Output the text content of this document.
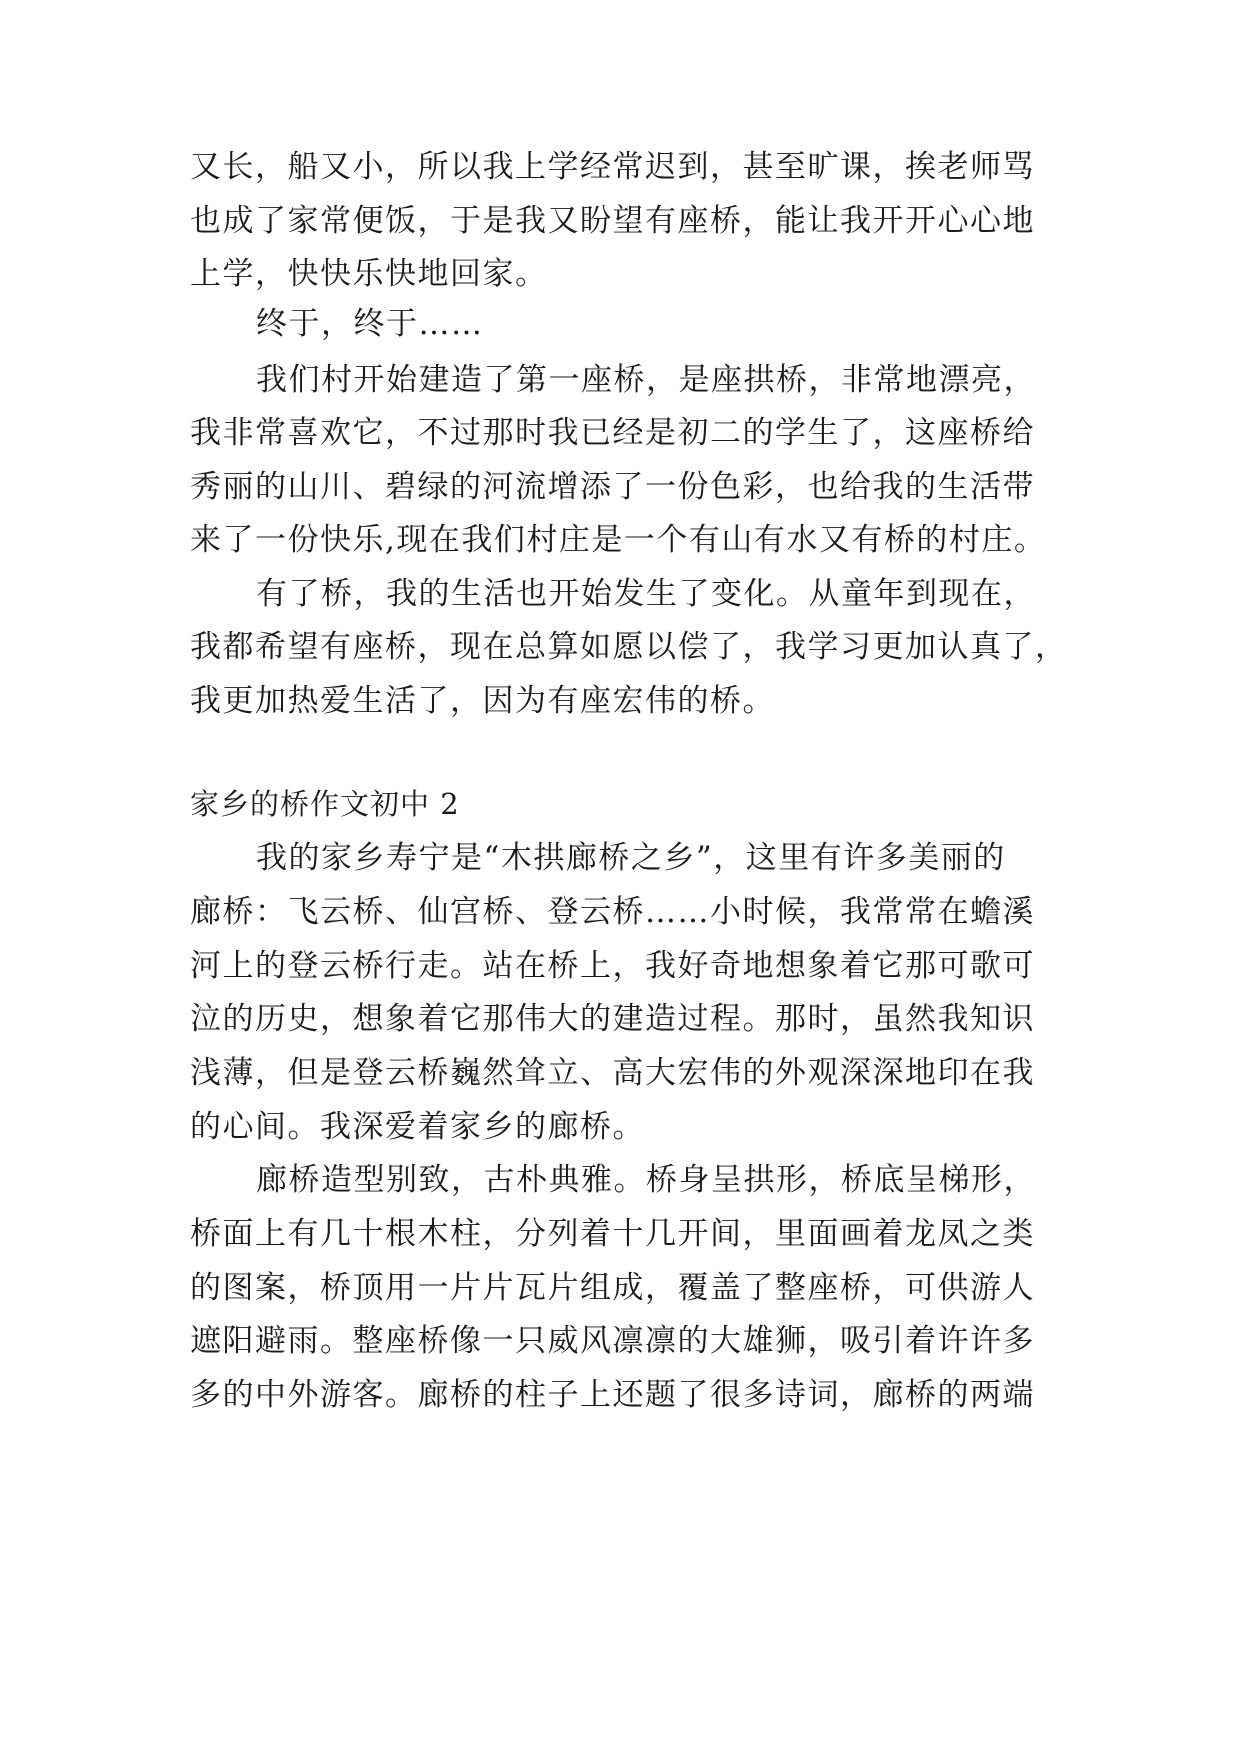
又长，船又小，所以我上学经常迟到，甚至旷课，挨老师骂
也成了家常便饭，于是我又盼望有座桥，能让我开开心心地
上学，快快乐快地回家。
终于，终于……
我们村开始建造了第一座桥，是座拱桥，非常地漂亮，
我非常喜欢它，不过那时我已经是初二的学生了，这座桥给
秀丽的山川、碧绿的河流增添了一份色彩，也给我的生活带
来了一份快乐,现在我们村庄是一个有山有水又有桥的村庄。
有了桥，我的生活也开始发生了变化。从童年到现在，
我都希望有座桥，现在总算如愿以偿了，我学习更加认真了，
我更加热爱生活了，因为有座宏伟的桥。
家乡的桥作文初中 2
我的家乡寿宁是“木拱廊桥之乡”，这里有许多美丽的
廊桥：飞云桥、仙宫桥、登云桥……小时候，我常常在蟾溪
河上的登云桥行走。站在桥上，我好奇地想象着它那可歌可
泣的历史，想象着它那伟大的建造过程。那时，虽然我知识
浅薄，但是登云桥巍然耸立、高大宏伟的外观深深地印在我
的心间。我深爱着家乡的廊桥。
廊桥造型别致，古朴典雅。桥身呈拱形，桥底呈梯形，
桥面上有几十根木柱，分列着十几开间，里面画着龙凤之类
的图案，桥顶用一片片瓦片组成，覆盖了整座桥，可供游人
遮阳避雨。整座桥像一只威风凛凛的大雄狮，吸引着许许多
多的中外游客。廊桥的柱子上还题了很多诗词，廊桥的两端
